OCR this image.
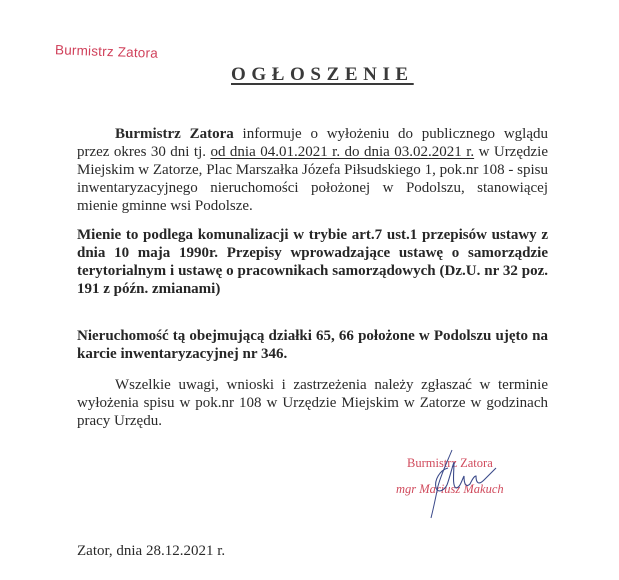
Burmistrz Zatora
OGŁOSZENIE

Burmistrz Zatora informuje o wyłożeniu do publicznego wglądu przez okres 30 dni tj. od dnia 04.01.2021 r. do dnia 03.02.2021 r. w Urzędzie Miejskim w Zatorze, Plac Marszałka Józefa Piłsudskiego 1, pok.nr 108 - spisu inwentaryzacyjnego nieruchomości położonej w Podolszu, stanowiącej mienie gminne wsi Podolsze.

Mienie to podlega komunalizacji w trybie art.7 ust.1 przepisów ustawy z dnia 10 maja 1990r. Przepisy wprowadzające ustawę o samorządzie terytorialnym i ustawę o pracownikach samorządowych (Dz.U. nr 32 poz. 191 z późn. zmianami)

Nieruchomość tą obejmującą działki 65, 66 położone w Podolszu ujęto na karcie inwentaryzacyjnej nr 346.

Wszelkie uwagi, wnioski i zastrzeżenia należy zgłaszać w terminie wyłożenia spisu w pok.nr 108 w Urzędzie Miejskim w Zatorze w godzinach pracy Urzędu.

Burmistrz Zatora
mgr Mariusz Makuch

Zator, dnia 28.12.2021 r.
